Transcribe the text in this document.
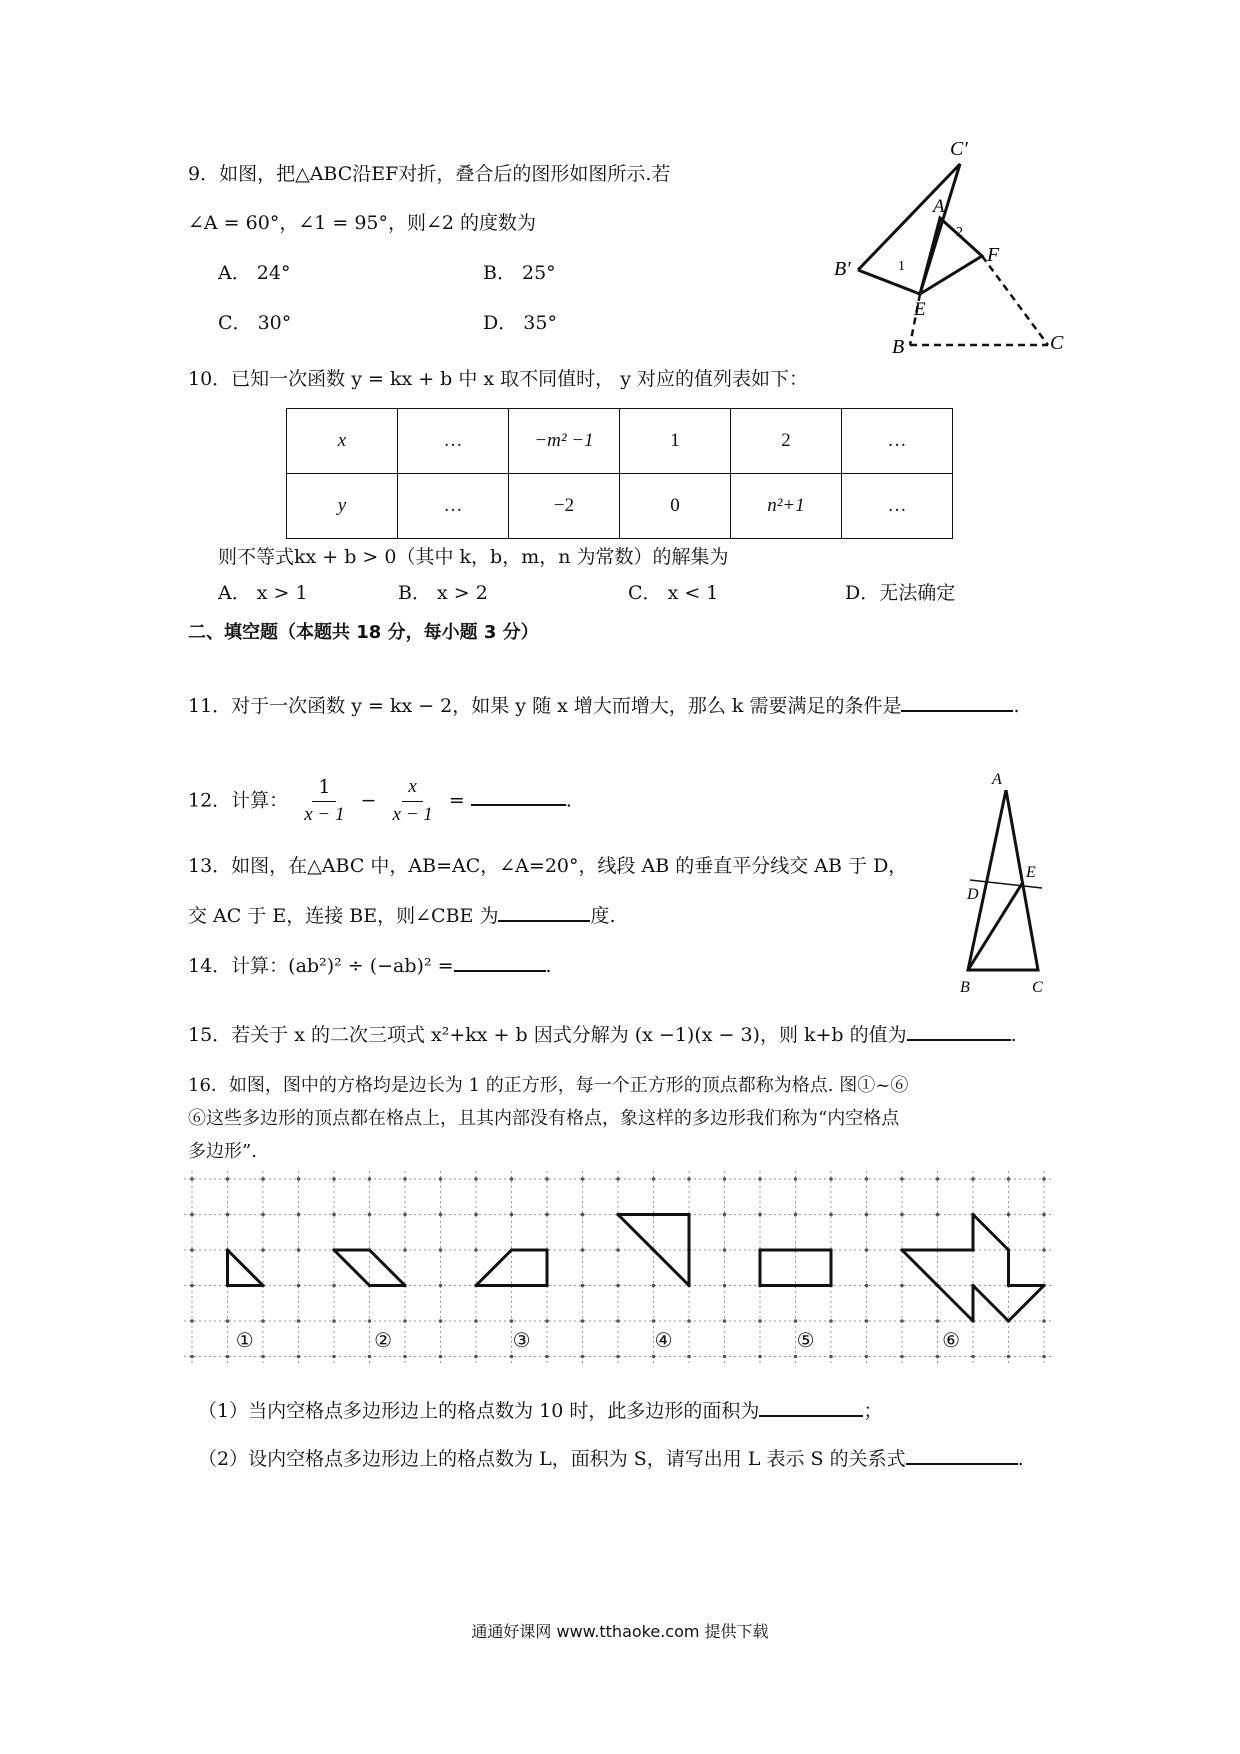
9．如图，把△ABC沿EF对折，叠合后的图形如图所示.若
∠A = 60°，∠1 = 95°，则∠2 的度数为
A． 24°	B． 25°
C． 30°	D． 35°
C′
A
2
B′	1
F
E
B	C
10．已知一次函数 y = kx + b 中 x 取不同值时， y 对应的值列表如下：
x	…	−m² −1	1	2	…
y	…	−2	0	n²+1	…
则不等式kx + b > 0（其中 k，b，m，n 为常数）的解集为
A． x > 1	B． x > 2	C． x < 1	D．无法确定
二、填空题（本题共 18 分，每小题 3 分）
11．对于一次函数 y = kx − 2，如果 y 随 x 增大而增大，那么 k 需要满足的条件是	.
12．计算： $\frac{1}{x - 1} - \frac{x}{x - 1}$ =	.
13．如图，在△ABC 中，AB=AC，∠A=20°，线段 AB 的垂直平分线交 AB 于 D，
交 AC 于 E，连接 BE，则∠CBE 为	度.
A
D
E
B	C
14．计算：(ab²)² ÷ (−ab)² =	.
15．若关于 x 的二次三项式 x²+kx + b 因式分解为 (x −1)(x − 3)，则 k+b 的值为	.
16．如图，图中的方格均是边长为 1 的正方形，每一个正方形的顶点都称为格点. 图①~⑥
⑥这些多边形的顶点都在格点上，且其内部没有格点，象这样的多边形我们称为“内空格点
多边形”.
①	②	③	④	⑤	⑥
（1）当内空格点多边形边上的格点数为 10 时，此多边形的面积为	；
（2）设内空格点多边形边上的格点数为 L，面积为 S，请写出用 L 表示 S 的关系式	.
通通好课网 www.tthaoke.com 提供下载
